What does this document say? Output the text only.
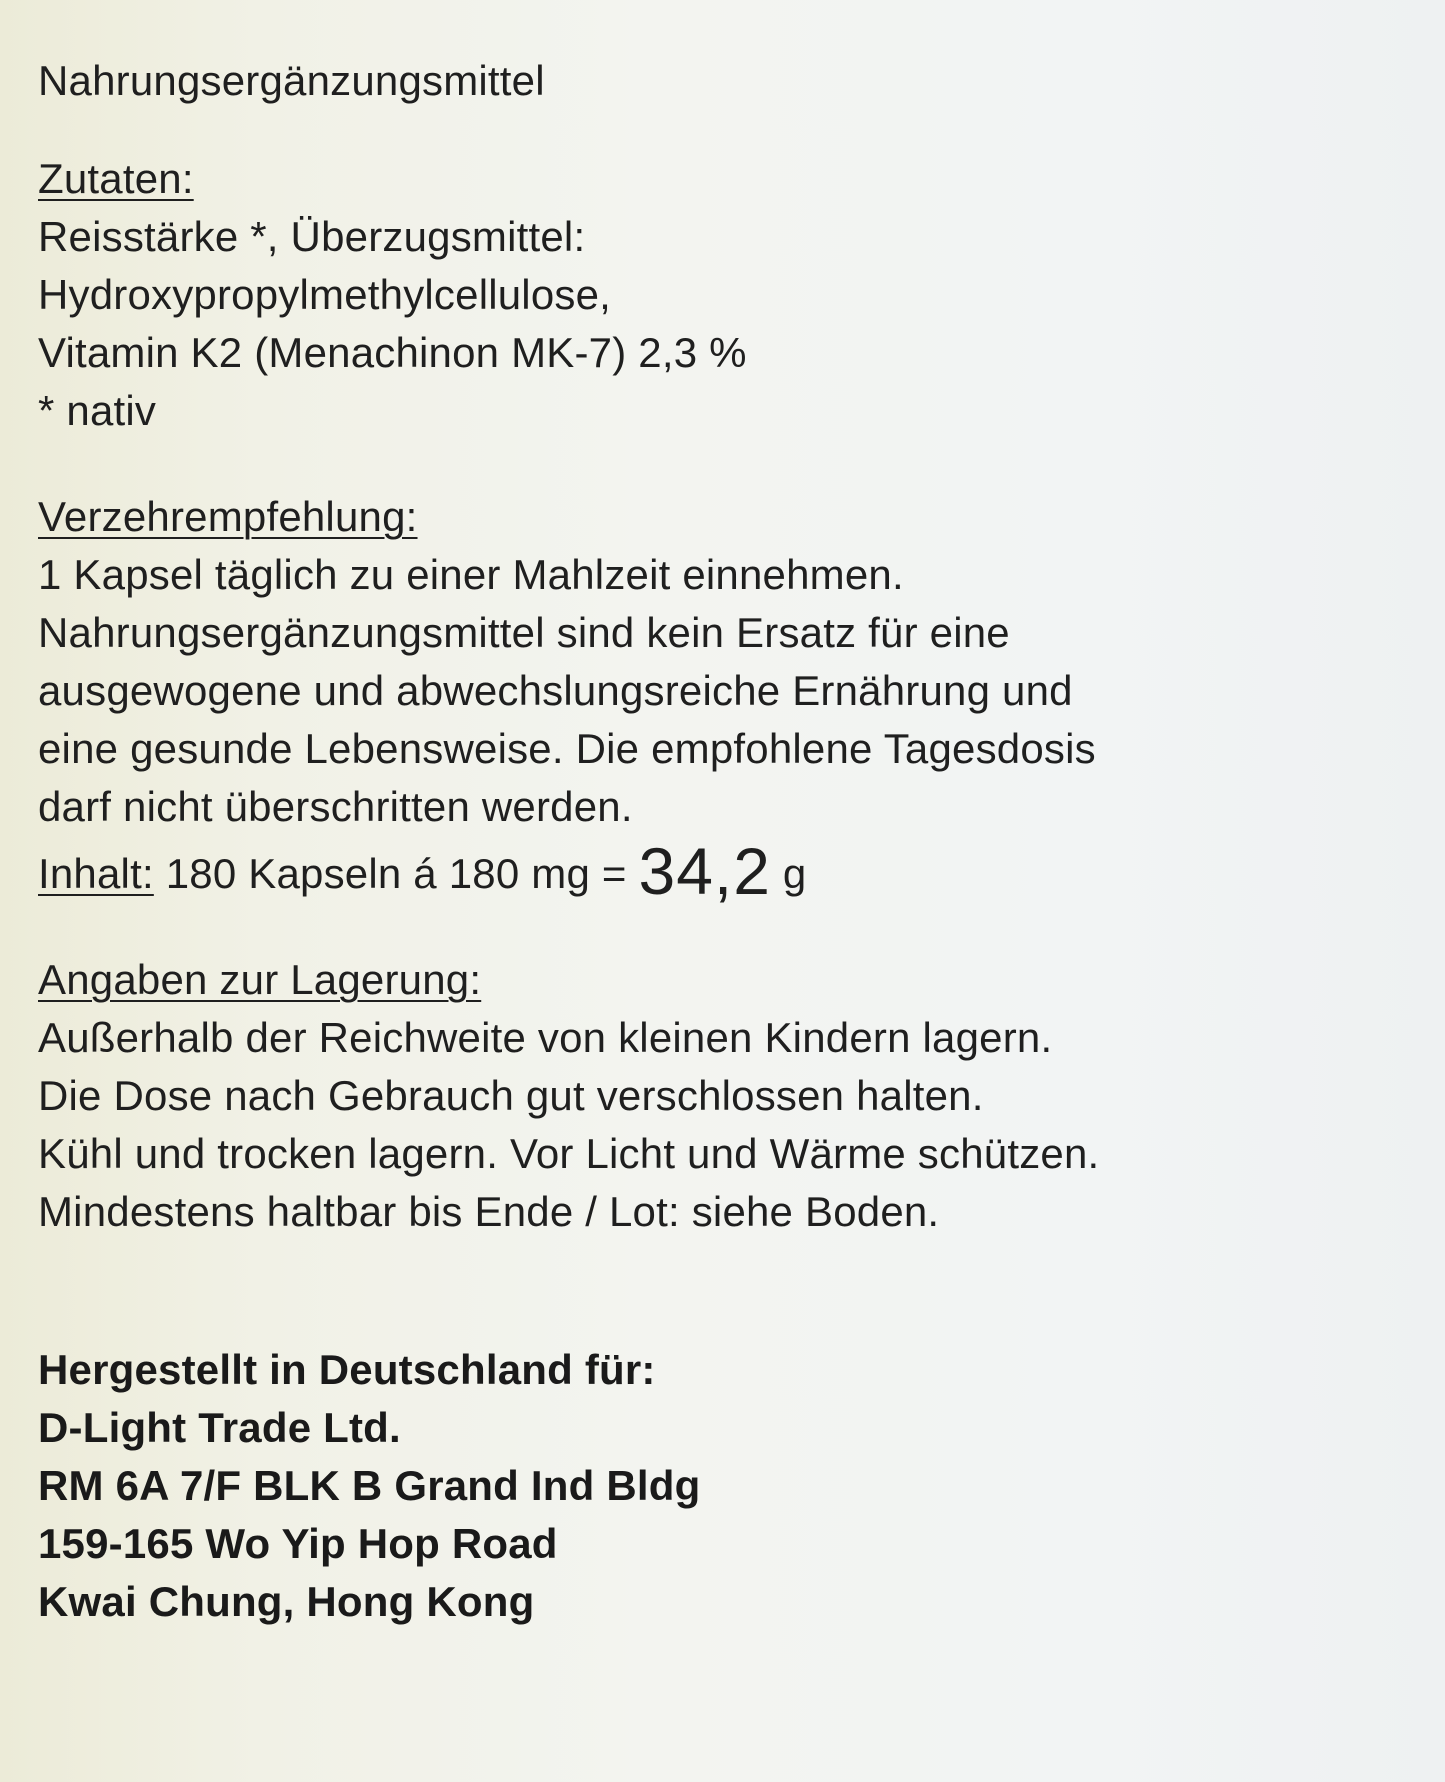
Nahrungsergänzungsmittel
Zutaten:
Reisstärke *, Überzugsmittel:
Hydroxypropylmethylcellulose,
Vitamin K2 (Menachinon MK-7) 2,3 %
* nativ
Verzehrempfehlung:
1 Kapsel täglich zu einer Mahlzeit einnehmen.
Nahrungsergänzungsmittel sind kein Ersatz für eine
ausgewogene und abwechslungsreiche Ernährung und
eine gesunde Lebensweise. Die empfohlene Tagesdosis
darf nicht überschritten werden.
Inhalt: 180 Kapseln á 180 mg = 34,2 g
Angaben zur Lagerung:
Außerhalb der Reichweite von kleinen Kindern lagern.
Die Dose nach Gebrauch gut verschlossen halten.
Kühl und trocken lagern. Vor Licht und Wärme schützen.
Mindestens haltbar bis Ende / Lot: siehe Boden.
Hergestellt in Deutschland für:
D-Light Trade Ltd.
RM 6A 7/F BLK B Grand Ind Bldg
159-165 Wo Yip Hop Road
Kwai Chung, Hong Kong
